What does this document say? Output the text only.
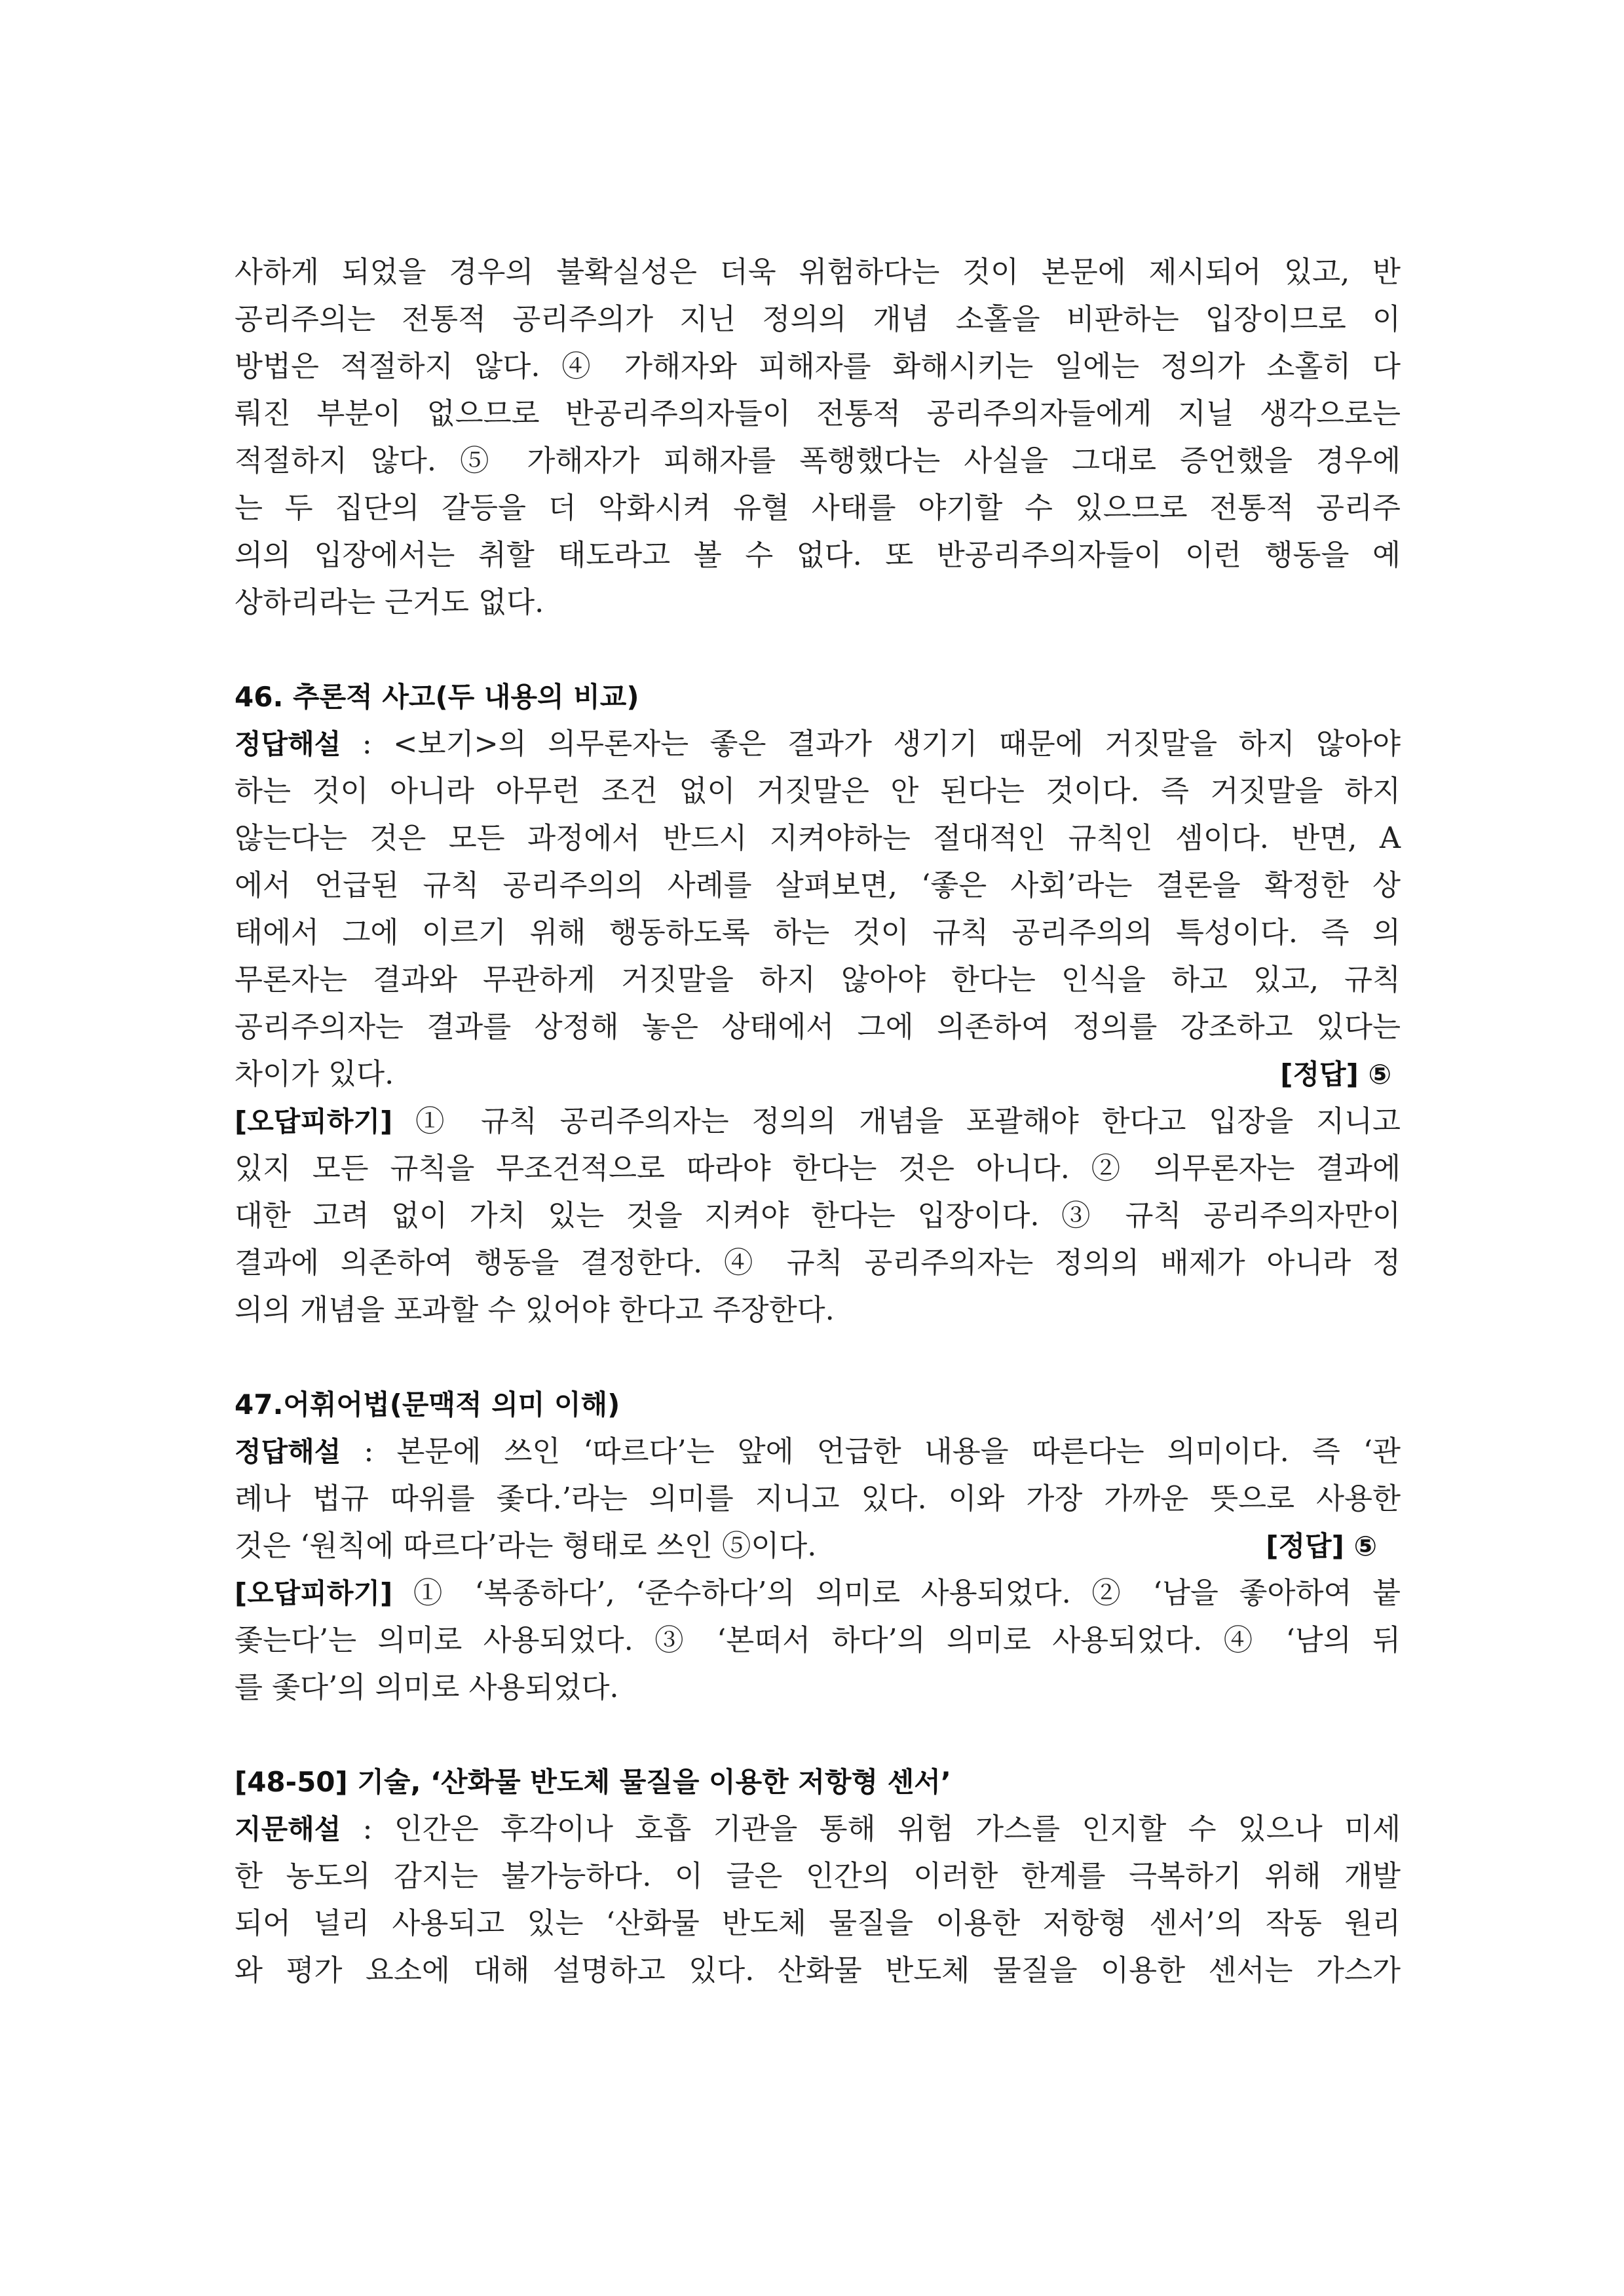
사하게 되었을 경우의 불확실성은 더욱 위험하다는 것이 본문에 제시되어 있고, 반
공리주의는 전통적 공리주의가 지닌 정의의 개념 소홀을 비판하는 입장이므로 이
방법은 적절하지 않다. ④ 가해자와 피해자를 화해시키는 일에는 정의가 소홀히 다
뤄진 부분이 없으므로 반공리주의자들이 전통적 공리주의자들에게 지닐 생각으로는
적절하지 않다. ⑤ 가해자가 피해자를 폭행했다는 사실을 그대로 증언했을 경우에
는 두 집단의 갈등을 더 악화시켜 유혈 사태를 야기할 수 있으므로 전통적 공리주
의의 입장에서는 취할 태도라고 볼 수 없다. 또 반공리주의자들이 이런 행동을 예
상하리라는 근거도 없다.
46. 추론적 사고(두 내용의 비교)
정답해설 : <보기>의 의무론자는 좋은 결과가 생기기 때문에 거짓말을 하지 않아야
하는 것이 아니라 아무런 조건 없이 거짓말은 안 된다는 것이다. 즉 거짓말을 하지
않는다는 것은 모든 과정에서 반드시 지켜야하는 절대적인 규칙인 셈이다. 반면, A
에서 언급된 규칙 공리주의의 사례를 살펴보면, ‘좋은 사회’라는 결론을 확정한 상
태에서 그에 이르기 위해 행동하도록 하는 것이 규칙 공리주의의 특성이다. 즉 의
무론자는 결과와 무관하게 거짓말을 하지 않아야 한다는 인식을 하고 있고, 규칙
공리주의자는 결과를 상정해 놓은 상태에서 그에 의존하여 정의를 강조하고 있다는
차이가 있다.	[정답] ⑤
[오답피하기] ① 규칙 공리주의자는 정의의 개념을 포괄해야 한다고 입장을 지니고
있지 모든 규칙을 무조건적으로 따라야 한다는 것은 아니다. ② 의무론자는 결과에
대한 고려 없이 가치 있는 것을 지켜야 한다는 입장이다. ③ 규칙 공리주의자만이
결과에 의존하여 행동을 결정한다. ④ 규칙 공리주의자는 정의의 배제가 아니라 정
의의 개념을 포과할 수 있어야 한다고 주장한다.
47.어휘어법(문맥적 의미 이해)
정답해설 : 본문에 쓰인 ‘따르다’는 앞에 언급한 내용을 따른다는 의미이다. 즉 ‘관
례나 법규 따위를 좇다.’라는 의미를 지니고 있다. 이와 가장 가까운 뜻으로 사용한
것은 ‘원칙에 따르다’라는 형태로 쓰인 ⑤이다.	[정답] ⑤
[오답피하기] ① ‘복종하다’, ‘준수하다’의 의미로 사용되었다. ② ‘남을 좋아하여 붙
좇는다’는 의미로 사용되었다. ③ ‘본떠서 하다’의 의미로 사용되었다. ④ ‘남의 뒤
를 좇다’의 의미로 사용되었다.
[48-50] 기술, ‘산화물 반도체 물질을 이용한 저항형 센서’
지문해설 : 인간은 후각이나 호흡 기관을 통해 위험 가스를 인지할 수 있으나 미세
한 농도의 감지는 불가능하다. 이 글은 인간의 이러한 한계를 극복하기 위해 개발
되어 널리 사용되고 있는 ‘산화물 반도체 물질을 이용한 저항형 센서’의 작동 원리
와 평가 요소에 대해 설명하고 있다. 산화물 반도체 물질을 이용한 센서는 가스가
